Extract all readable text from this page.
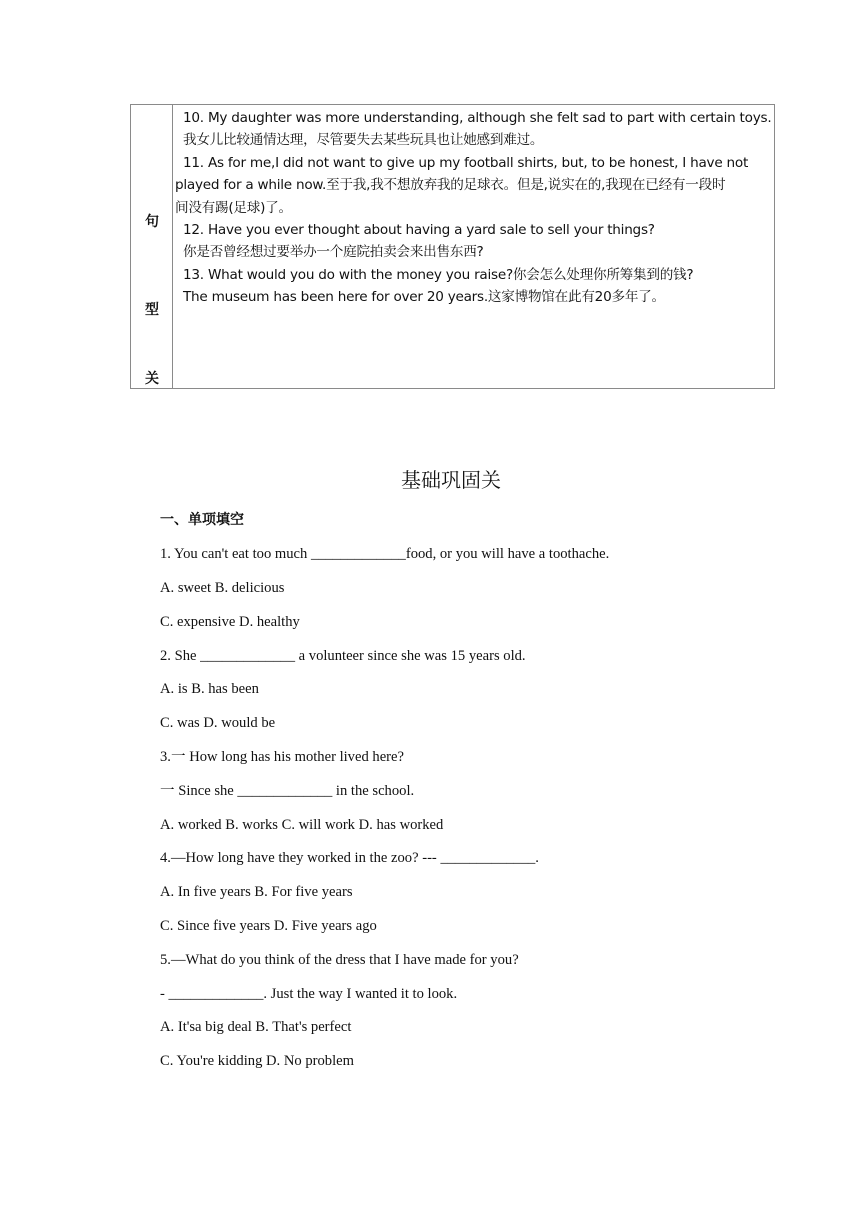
句
型
关
10. My daughter was more understanding, although she felt sad to part with certain toys.
我女儿比较通情达理，尽管要失去某些玩具也让她感到难过。
11. As for me,I did not want to give up my football shirts, but, to be honest, I have not
played for a while now.至于我,我不想放弃我的足球衣。但是,说实在的,我现在已经有一段时
间没有踢(足球)了。
12. Have you ever thought about having a yard sale to sell your things?
你是否曾经想过要举办一个庭院拍卖会来出售东西?
13. What would you do with the money you raise?你会怎么处理你所筹集到的钱?
The museum has been here for over 20 years.这家博物馆在此有20多年了。
基础巩固关
一、单项填空
1. You can't eat too much _____________food, or you will have a toothache.
A. sweet B. delicious
C. expensive D. healthy
2. She _____________ a volunteer since she was 15 years old.
A. is B. has been
C. was D. would be
3.一 How long has his mother lived here?
一 Since she _____________ in the school.
A. worked B. works C. will work D. has worked
4.—How long have they worked in the zoo? --- _____________.
A. In five years B. For five years
C. Since five years D. Five years ago
5.—What do you think of the dress that I have made for you?
- _____________. Just the way I wanted it to look.
A. It'sa big deal B. That's perfect
C. You're kidding D. No problem
